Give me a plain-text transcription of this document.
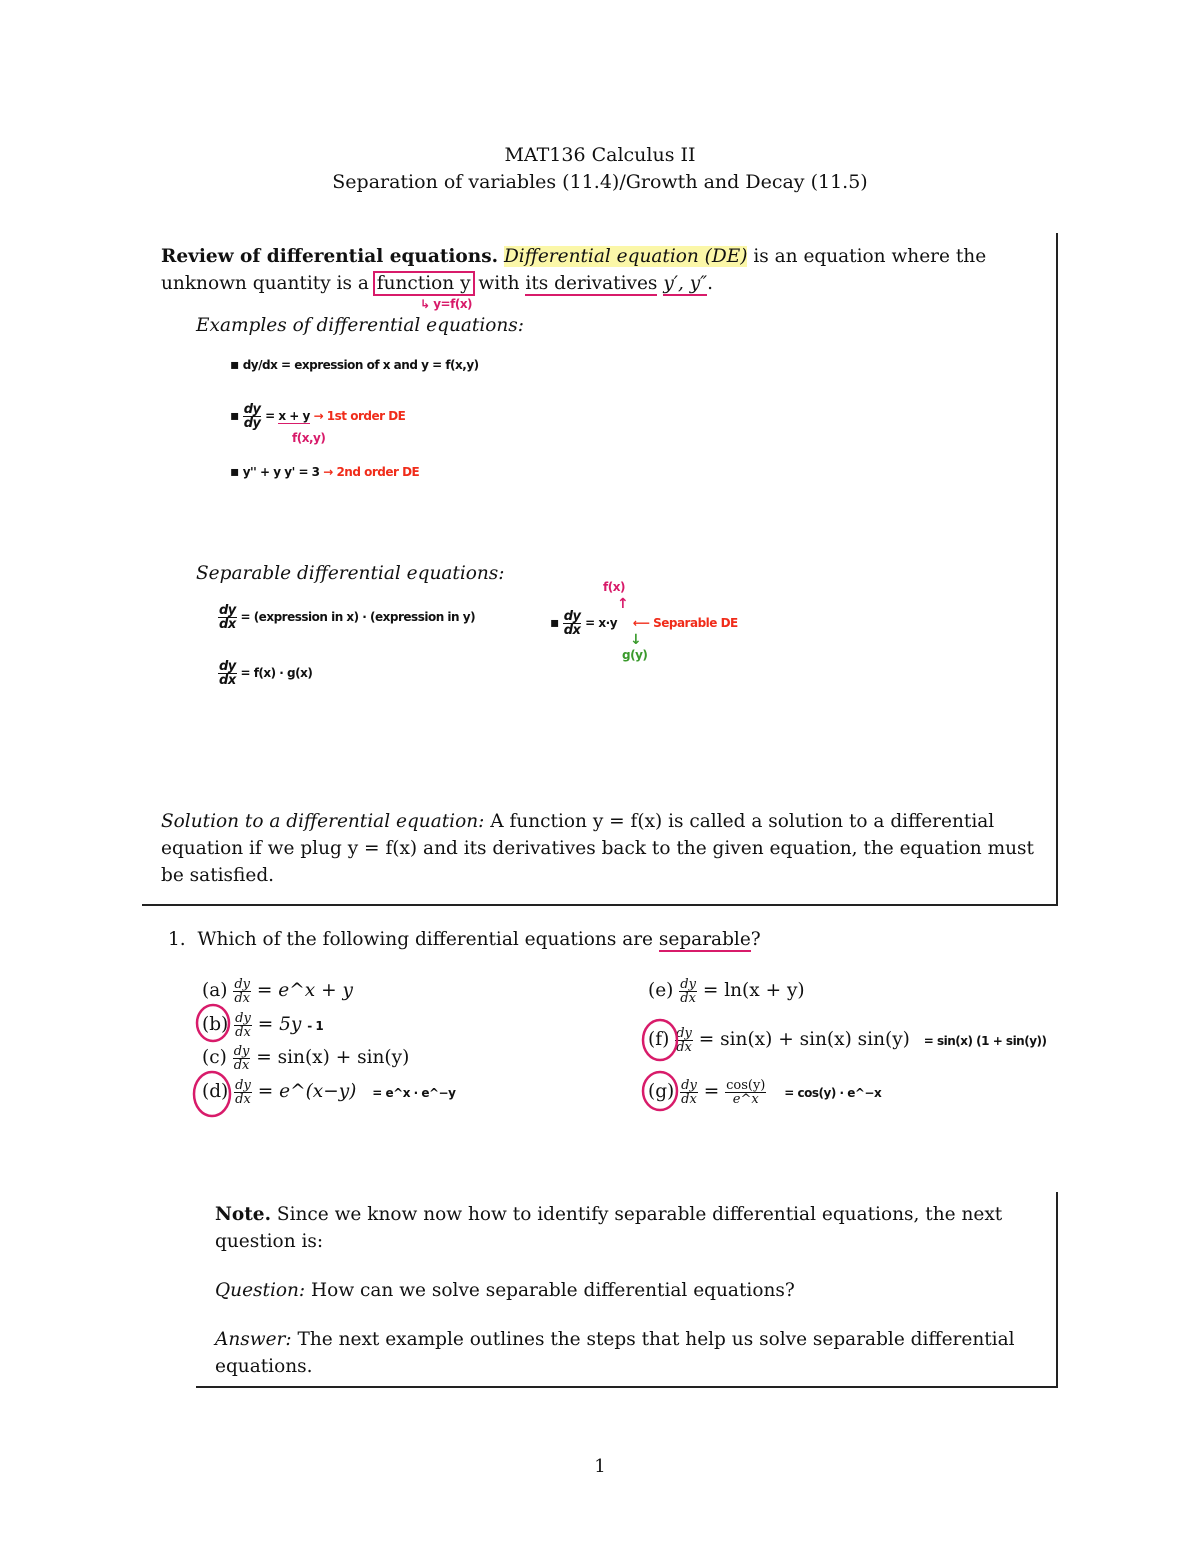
MAT136 Calculus II
Separation of variables (11.4)/Growth and Decay (11.5)
Review of differential equations. Differential equation (DE) is an equation where the
unknown quantity is a function y with its derivatives y′, y″.
↳ y=f(x)
Examples of differential equations:
▪ dy/dx = expression of x and y = f(x,y)
▪ $\frac{dy}{dy} = x + y \to 1st$ order DE
f(x,y)
▪ y'' + y y' = 3 → 2nd order DE
Separable differential equations:
$\frac{dy}{dx}$ = (expression in x) · (expression in y)
$\frac{dy}{dx} = f(x) \cdot g(x)$
f(x)
↑
▪ $\frac{dy}{dx} = x\cdot y$ ⟵ Separable DE
↓
g(y)
Solution to a differential equation: A function y = f(x) is called a solution to a differential
equation if we plug y = f(x) and its derivatives back to the given equation, the equation must
be satisfied.
1. Which of the following differential equations are separable?
$(a) \frac{dy}{dx}$ = e^x + y
$(b) \frac{dy}{dx} = 5y - 1$
$(c) \frac{dy}{dx} = \sin(x) + \sin(y)$
$(d) \frac{dy}{dx}$ = e^(x−y) = e^x · e^−y
$(e) \frac{dy}{dx} = \ln(x + y)$
$(f) \frac{dy}{dx} = \sin(x) + \sin(x) \sin(y) = \sin(x) (1 + \sin(y))$
$(g) \frac{dy}{dx} = \frac{\cos(y)}{e\^{}x} = \cos(y)$ · e^−x
Note. Since we know now how to identify separable differential equations, the next
question is:
Question: How can we solve separable differential equations?
Answer: The next example outlines the steps that help us solve separable differential
equations.
1
